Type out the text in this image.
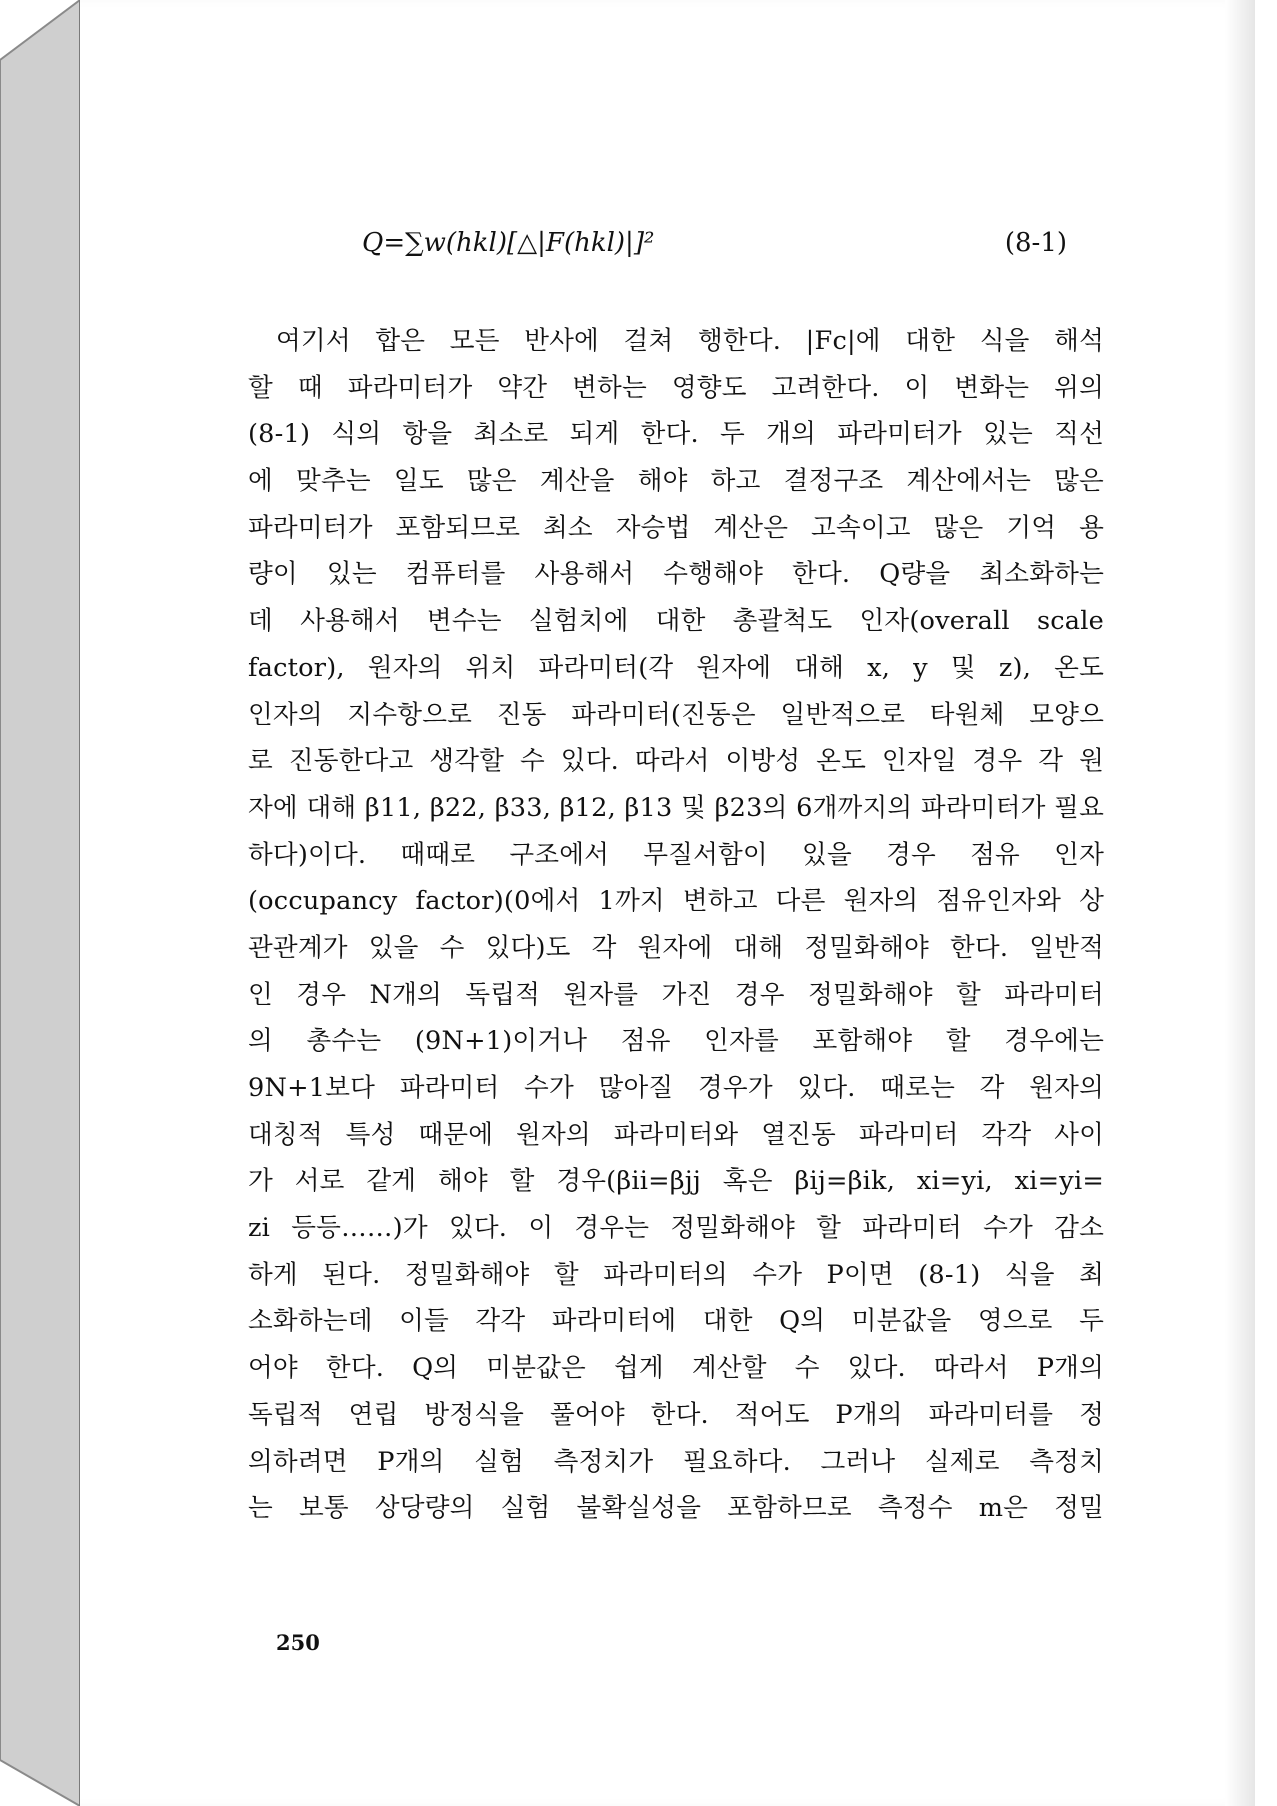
Q=∑w(hkl)[△|F(hkl)|]²	(8-1)
여기서 합은 모든 반사에 걸쳐 행한다. |Fc|에 대한 식을 해석
할 때 파라미터가 약간 변하는 영향도 고려한다. 이 변화는 위의
(8-1) 식의 항을 최소로 되게 한다. 두 개의 파라미터가 있는 직선
에 맞추는 일도 많은 계산을 해야 하고 결정구조 계산에서는 많은
파라미터가 포함되므로 최소 자승법 계산은 고속이고 많은 기억 용
량이 있는 컴퓨터를 사용해서 수행해야 한다. Q량을 최소화하는
데 사용해서 변수는 실험치에 대한 총괄척도 인자(overall scale
factor), 원자의 위치 파라미터(각 원자에 대해 x, y 및 z), 온도
인자의 지수항으로 진동 파라미터(진동은 일반적으로 타원체 모양으
로 진동한다고 생각할 수 있다. 따라서 이방성 온도 인자일 경우 각 원
자에 대해 β11, β22, β33, β12, β13 및 β23의 6개까지의 파라미터가 필요
하다)이다. 때때로 구조에서 무질서함이 있을 경우 점유 인자
(occupancy factor)(0에서 1까지 변하고 다른 원자의 점유인자와 상
관관계가 있을 수 있다)도 각 원자에 대해 정밀화해야 한다. 일반적
인 경우 N개의 독립적 원자를 가진 경우 정밀화해야 할 파라미터
의 총수는 (9N+1)이거나 점유 인자를 포함해야 할 경우에는
9N+1보다 파라미터 수가 많아질 경우가 있다. 때로는 각 원자의
대칭적 특성 때문에 원자의 파라미터와 열진동 파라미터 각각 사이
가 서로 같게 해야 할 경우(βii=βjj 혹은 βij=βik, xi=yi, xi=yi=
zi 등등……)가 있다. 이 경우는 정밀화해야 할 파라미터 수가 감소
하게 된다. 정밀화해야 할 파라미터의 수가 P이면 (8-1) 식을 최
소화하는데 이들 각각 파라미터에 대한 Q의 미분값을 영으로 두
어야 한다. Q의 미분값은 쉽게 계산할 수 있다. 따라서 P개의
독립적 연립 방정식을 풀어야 한다. 적어도 P개의 파라미터를 정
의하려면 P개의 실험 측정치가 필요하다. 그러나 실제로 측정치
는 보통 상당량의 실험 불확실성을 포함하므로 측정수 m은 정밀
250
